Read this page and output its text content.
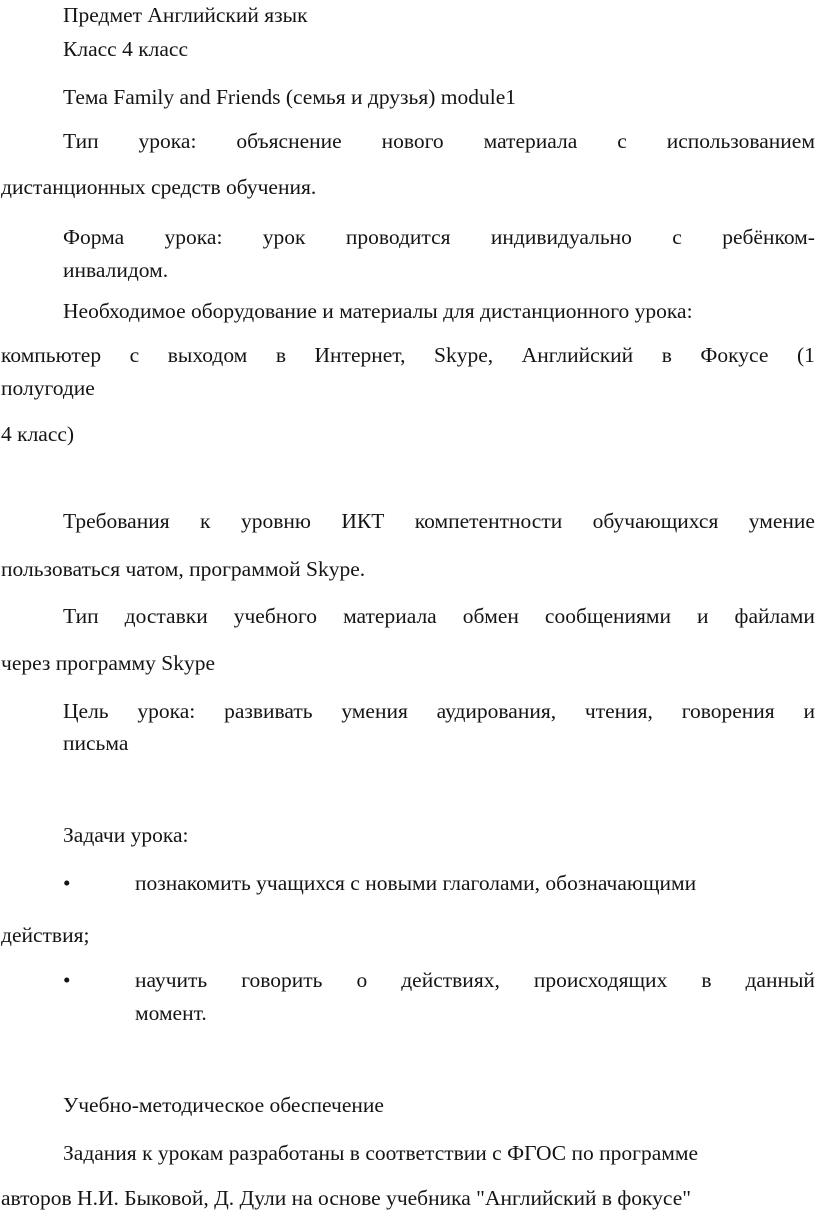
Предмет Английский язык
Класс 4 класс
Тема Family and Friends (семья и друзья) module1
Тип урока: объяснение нового материала с использованием
дистанционных средств обучения.
Форма урока: урок проводится индивидуально с ребёнком-
инвалидом.
Необходимое оборудование и материалы для дистанционного урока:
компьютер с выходом в Интернет, Skype, Английский в Фокусе (1
полугодие
4 класс)
Требования к уровню ИКТ компетентности обучающихся умение
пользоваться чатом, программой Skype.
Тип доставки учебного материала обмен сообщениями и файлами
через программу Skype
Цель урока: развивать умения аудирования, чтения, говорения и
письма
Задачи урока:
•	познакомить учащихся с новыми глаголами, обозначающими
действия;
•	научить говорить о действиях, происходящих в данный
момент.
Учебно-методическое обеспечение
Задания к урокам разработаны в соответствии с ФГОС по программе
авторов Н.И. Быковой, Д. Дули на основе учебника "Английский в фокусе"
